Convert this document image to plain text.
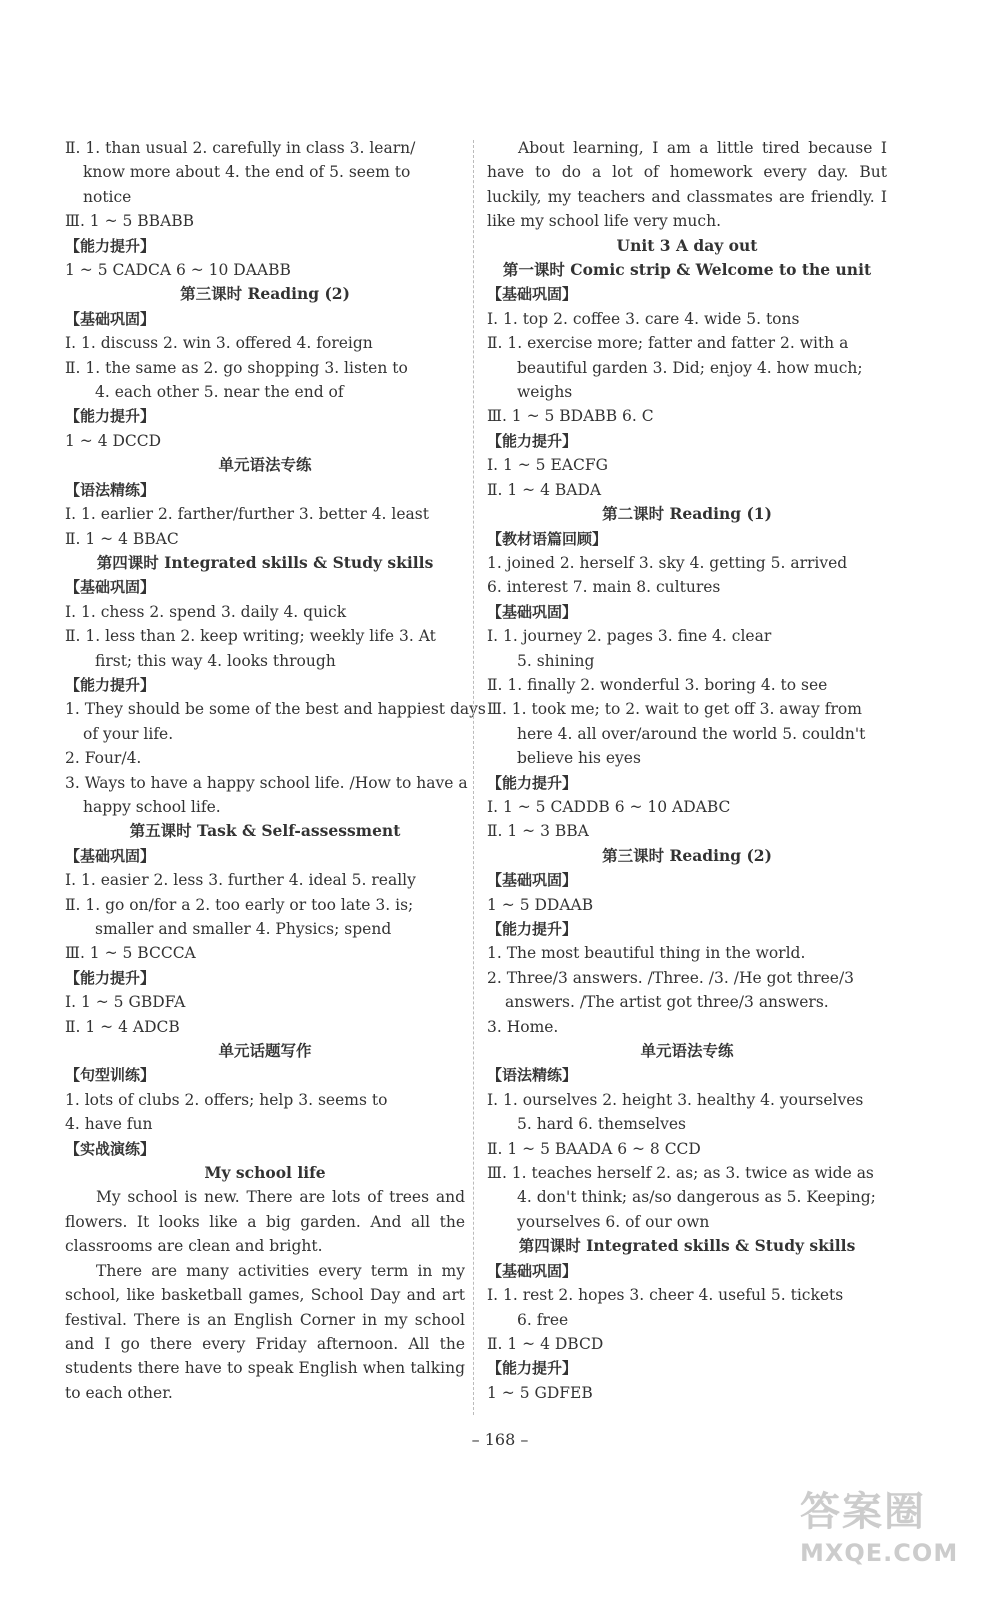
Ⅱ. 1. than usual 2. carefully in class 3. learn/
know more about 4. the end of 5. seem to
notice
Ⅲ. 1 ~ 5 BBABB
【能力提升】
1 ~ 5 CADCA 6 ~ 10 DAABB
第三课时 Reading (2)
【基础巩固】
Ⅰ. 1. discuss 2. win 3. offered 4. foreign
Ⅱ. 1. the same as 2. go shopping 3. listen to
4. each other 5. near the end of
【能力提升】
1 ~ 4 DCCD
单元语法专练
【语法精练】
Ⅰ. 1. earlier 2. farther/further 3. better 4. least
Ⅱ. 1 ~ 4 BBAC
第四课时 Integrated skills & Study skills
【基础巩固】
Ⅰ. 1. chess 2. spend 3. daily 4. quick
Ⅱ. 1. less than 2. keep writing; weekly life 3. At
first; this way 4. looks through
【能力提升】
1. They should be some of the best and happiest days
of your life.
2. Four/4.
3. Ways to have a happy school life. /How to have a
happy school life.
第五课时 Task & Self-assessment
【基础巩固】
Ⅰ. 1. easier 2. less 3. further 4. ideal 5. really
Ⅱ. 1. go on/for a 2. too early or too late 3. is;
smaller and smaller 4. Physics; spend
Ⅲ. 1 ~ 5 BCCCA
【能力提升】
Ⅰ. 1 ~ 5 GBDFA
Ⅱ. 1 ~ 4 ADCB
单元话题写作
【句型训练】
1. lots of clubs 2. offers; help 3. seems to
4. have fun
【实战演练】
My school life
My school is new. There are lots of trees and flowers. It looks like a big garden. And all the classrooms are clean and bright.
There are many activities every term in my school, like basketball games, School Day and art festival. There is an English Corner in my school and I go there every Friday afternoon. All the students there have to speak English when talking to each other.
About learning, I am a little tired because I have to do a lot of homework every day. But luckily, my teachers and classmates are friendly. I like my school life very much.
Unit 3 A day out
第一课时 Comic strip & Welcome to the unit
【基础巩固】
Ⅰ. 1. top 2. coffee 3. care 4. wide 5. tons
Ⅱ. 1. exercise more; fatter and fatter 2. with a
beautiful garden 3. Did; enjoy 4. how much;
weighs
Ⅲ. 1 ~ 5 BDABB 6. C
【能力提升】
Ⅰ. 1 ~ 5 EACFG
Ⅱ. 1 ~ 4 BADA
第二课时 Reading (1)
【教材语篇回顾】
1. joined 2. herself 3. sky 4. getting 5. arrived
6. interest 7. main 8. cultures
【基础巩固】
Ⅰ. 1. journey 2. pages 3. fine 4. clear
5. shining
Ⅱ. 1. finally 2. wonderful 3. boring 4. to see
Ⅲ. 1. took me; to 2. wait to get off 3. away from
here 4. all over/around the world 5. couldn't
believe his eyes
【能力提升】
Ⅰ. 1 ~ 5 CADDB 6 ~ 10 ADABC
Ⅱ. 1 ~ 3 BBA
第三课时 Reading (2)
【基础巩固】
1 ~ 5 DDAAB
【能力提升】
1. The most beautiful thing in the world.
2. Three/3 answers. /Three. /3. /He got three/3
answers. /The artist got three/3 answers.
3. Home.
单元语法专练
【语法精练】
Ⅰ. 1. ourselves 2. height 3. healthy 4. yourselves
5. hard 6. themselves
Ⅱ. 1 ~ 5 BAADA 6 ~ 8 CCD
Ⅲ. 1. teaches herself 2. as; as 3. twice as wide as
4. don't think; as/so dangerous as 5. Keeping;
yourselves 6. of our own
第四课时 Integrated skills & Study skills
【基础巩固】
Ⅰ. 1. rest 2. hopes 3. cheer 4. useful 5. tickets
6. free
Ⅱ. 1 ~ 4 DBCD
【能力提升】
1 ~ 5 GDFEB
– 168 –
答案圈
MXQE.COM
